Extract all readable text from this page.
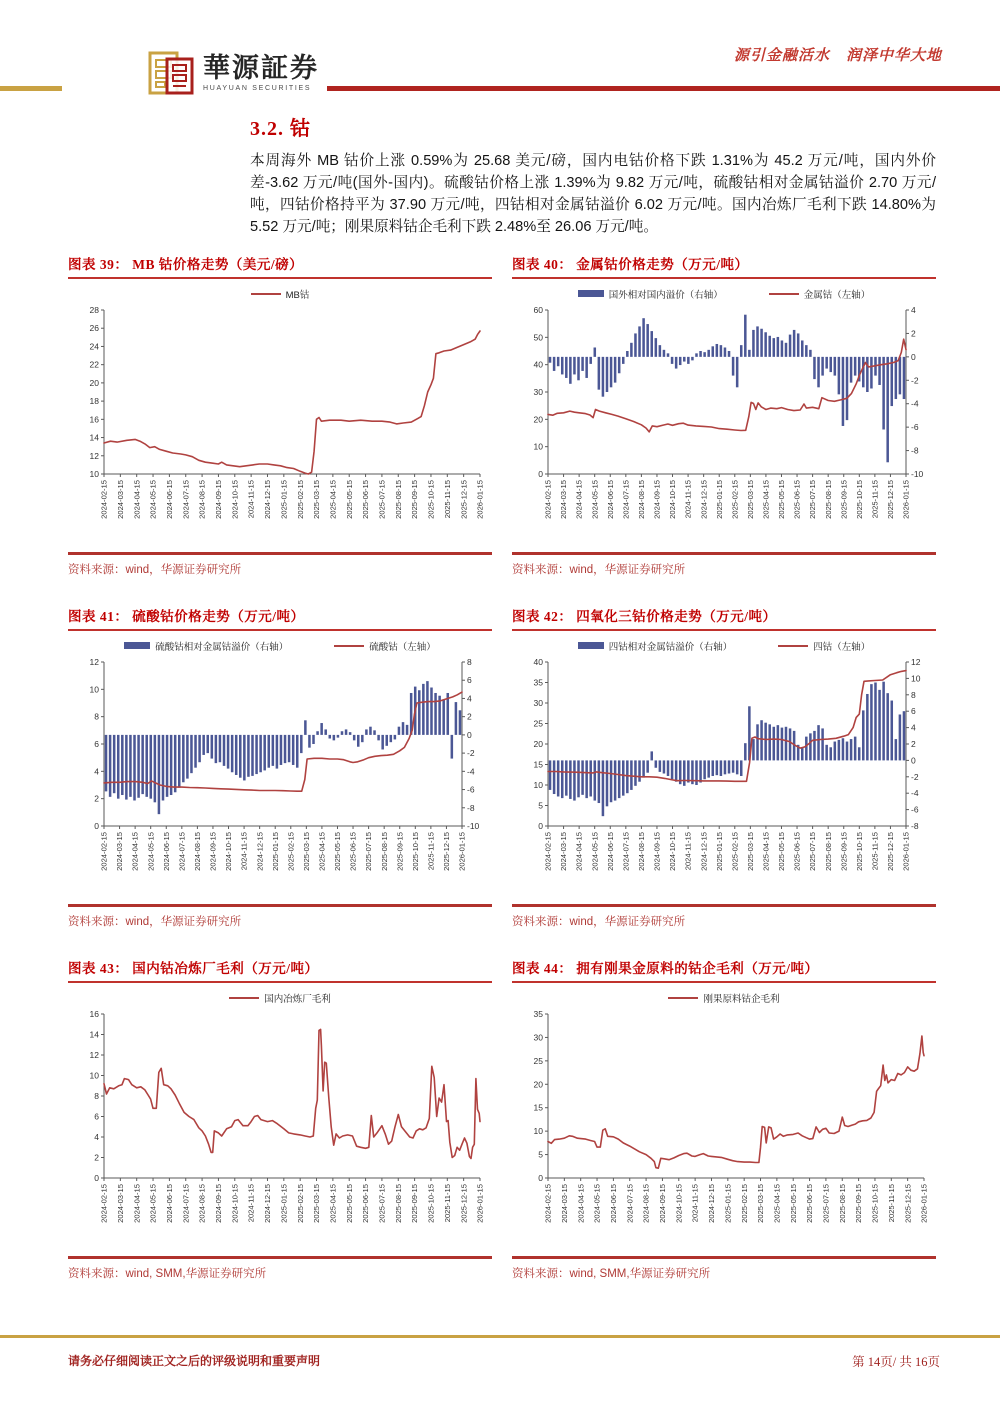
源引金融活水　润泽中华大地
華源証券
HUAYUAN SECURITIES
3.2. 钴

本周海外 MB 钴价上涨 0.59%为 25.68 美元/磅，国内电钴价格下跌 1.31%为 45.2 万元/吨，国内外价差-3.62 万元/吨(国外-国内)。硫酸钴价格上涨 1.39%为 9.82 万元/吨，硫酸钴相对金属钴溢价 2.70 万元/吨，四钴价格持平为 37.90 万元/吨，四钴相对金属钴溢价 6.02 万元/吨。国内冶炼厂毛利下跌 14.80%为 5.52 万元/吨；刚果原料钴企毛利下跌 2.48%至 26.06 万元/吨。

图表 39： MB 钴价格走势（美元/磅）
MB钴
10
12
14
16
18
20
22
24
26
28
2024-02-15 2024-03-15 2024-04-15 2024-05-15 2024-06-15 2024-07-15 2024-08-15 2024-09-15 2024-10-15 2024-11-15 2024-12-15 2025-01-15 2025-02-15 2025-03-15 2025-04-15 2025-05-15 2025-06-15 2025-07-15 2025-08-15 2025-09-15 2025-10-15 2025-11-15 2025-12-15 2026-01-15
资料来源：wind，华源证券研究所
图表 40： 金属钴价格走势（万元/吨）
国外相对国内溢价（右轴）	金属钴（左轴）
0
10
20
30
40
50
60
-10
-8
-6
-4
-2
0
2
4
2024-02-15 2024-03-15 2024-04-15 2024-05-15 2024-06-15 2024-07-15 2024-08-15 2024-09-15 2024-10-15 2024-11-15 2024-12-15 2025-01-15 2025-02-15 2025-03-15 2025-04-15 2025-05-15 2025-06-15 2025-07-15 2025-08-15 2025-09-15 2025-10-15 2025-11-15 2025-12-15 2026-01-15
资料来源：wind，华源证券研究所
图表 41： 硫酸钴价格走势（万元/吨）
硫酸钴相对金属钴溢价（右轴）	硫酸钴（左轴）
0
2
4
6
8
10
12
-10
-8
-6
-4
-2
0
2
4
6
8
2024-02-15 2024-03-15 2024-04-15 2024-05-15 2024-06-15 2024-07-15 2024-08-15 2024-09-15 2024-10-15 2024-11-15 2024-12-15 2025-01-15 2025-02-15 2025-03-15 2025-04-15 2025-05-15 2025-06-15 2025-07-15 2025-08-15 2025-09-15 2025-10-15 2025-11-15 2025-12-15 2026-01-15
资料来源：wind，华源证券研究所
图表 42： 四氧化三钴价格走势（万元/吨）
四钴相对金属钴溢价（右轴）	四钴（左轴）
0
5
10
15
20
25
30
35
40
-8
-6
-4
-2
0
2
4
6
8
10
12
2024-02-15 2024-03-15 2024-04-15 2024-05-15 2024-06-15 2024-07-15 2024-08-15 2024-09-15 2024-10-15 2024-11-15 2024-12-15 2025-01-15 2025-02-15 2025-03-15 2025-04-15 2025-05-15 2025-06-15 2025-07-15 2025-08-15 2025-09-15 2025-10-15 2025-11-15 2025-12-15 2026-01-15
资料来源：wind，华源证券研究所
图表 43： 国内钴冶炼厂毛利（万元/吨）
国内冶炼厂毛利
0
2
4
6
8
10
12
14
16
2024-02-15 2024-03-15 2024-04-15 2024-05-15 2024-06-15 2024-07-15 2024-08-15 2024-09-15 2024-10-15 2024-11-15 2024-12-15 2025-01-15 2025-02-15 2025-03-15 2025-04-15 2025-05-15 2025-06-15 2025-07-15 2025-08-15 2025-09-15 2025-10-15 2025-11-15 2025-12-15 2026-01-15
资料来源：wind, SMM,华源证券研究所
图表 44： 拥有刚果金原料的钴企毛利（万元/吨）
刚果原料钴企毛利
0
5
10
15
20
25
30
35
2024-02-15 2024-03-15 2024-04-15 2024-05-15 2024-06-15 2024-07-15 2024-08-15 2024-09-15 2024-10-15 2024-11-15 2024-12-15 2025-01-15 2025-02-15 2025-03-15 2025-04-15 2025-05-15 2025-06-15 2025-07-15 2025-08-15 2025-09-15 2025-10-15 2025-11-15 2025-12-15 2026-01-15
资料来源：wind, SMM,华源证券研究所
请务必仔细阅读正文之后的评级说明和重要声明	第 14页/ 共 16页
